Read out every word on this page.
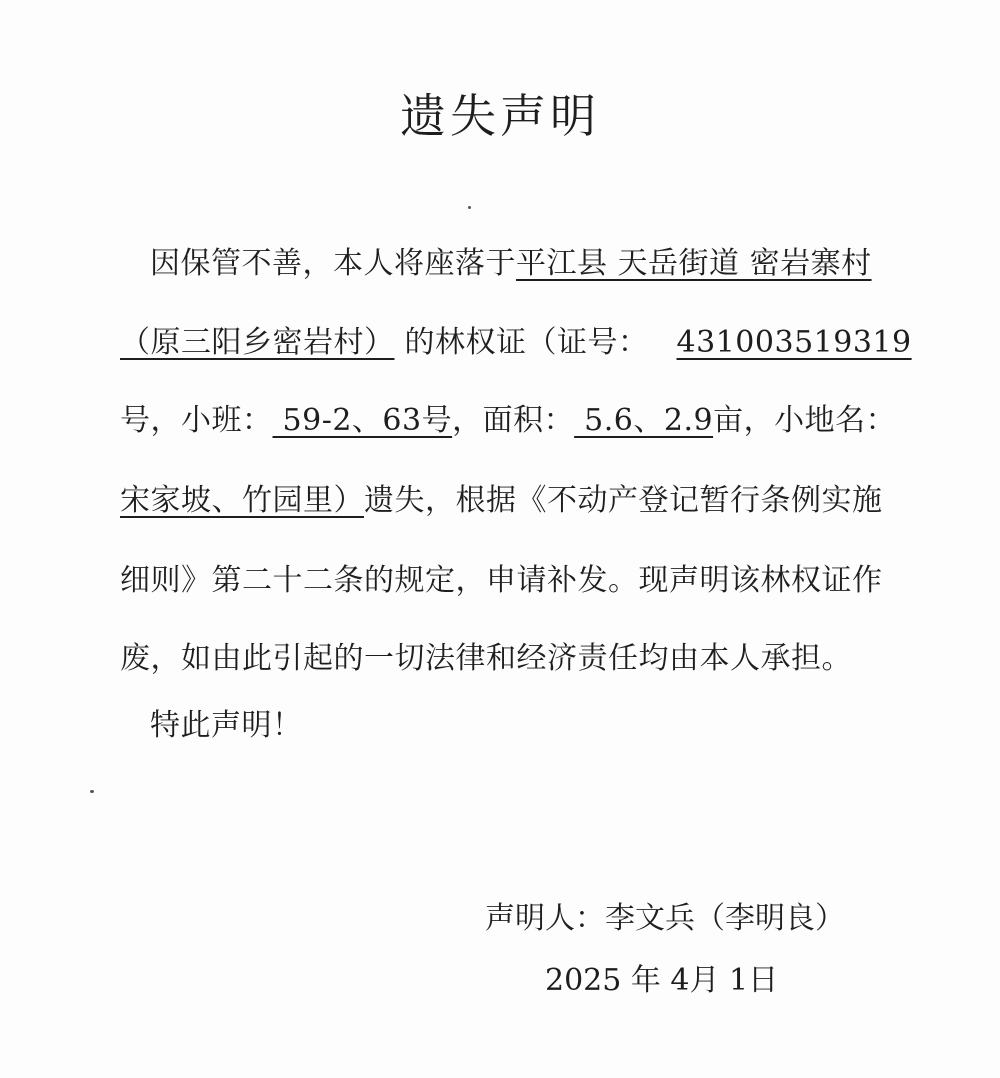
遗失声明
因保管不善，本人将座落于平江县 天岳街道 密岩寨村
（原三阳乡密岩村） 的林权证（证号： 431003519319
号，小班： 59-2、63号，面积： 5.6、2.9亩，小地名：
宋家坡、竹园里）遗失，根据《不动产登记暂行条例实施
细则》第二十二条的规定，申请补发。现声明该林权证作
废，如由此引起的一切法律和经济责任均由本人承担。
特此声明！
声明人：李文兵（李明良）
2025 年 4月 1日
